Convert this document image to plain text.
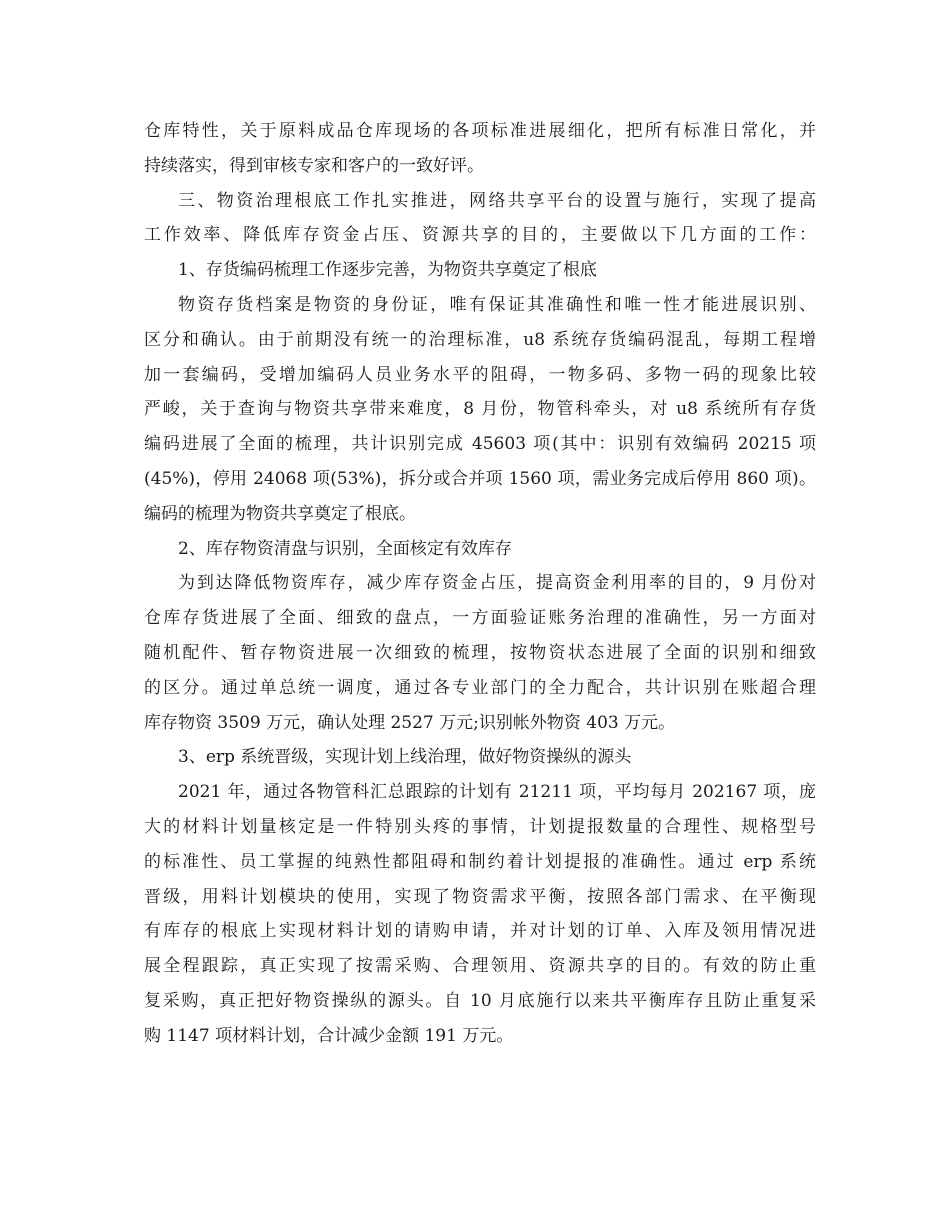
仓库特性，关于原料成品仓库现场的各项标准进展细化，把所有标准日常化，并
持续落实，得到审核专家和客户的一致好评。
三、物资治理根底工作扎实推进，网络共享平台的设置与施行，实现了提高
工作效率、降低库存资金占压、资源共享的目的，主要做以下几方面的工作：
1、存货编码梳理工作逐步完善，为物资共享奠定了根底
物资存货档案是物资的身份证，唯有保证其准确性和唯一性才能进展识别、
区分和确认。由于前期没有统一的治理标准，u8 系统存货编码混乱，每期工程增
加一套编码，受增加编码人员业务水平的阻碍，一物多码、多物一码的现象比较
严峻，关于查询与物资共享带来难度，8 月份，物管科牵头，对 u8 系统所有存货
编码进展了全面的梳理，共计识别完成 45603 项(其中：识别有效编码 20215 项
(45%)，停用 24068 项(53%)，拆分或合并项 1560 项，需业务完成后停用 860 项)。
编码的梳理为物资共享奠定了根底。
2、库存物资清盘与识别，全面核定有效库存
为到达降低物资库存，减少库存资金占压，提高资金利用率的目的，9 月份对
仓库存货进展了全面、细致的盘点，一方面验证账务治理的准确性，另一方面对
随机配件、暂存物资进展一次细致的梳理，按物资状态进展了全面的识别和细致
的区分。通过单总统一调度，通过各专业部门的全力配合，共计识别在账超合理
库存物资 3509 万元，确认处理 2527 万元;识别帐外物资 403 万元。
3、erp 系统晋级，实现计划上线治理，做好物资操纵的源头
2021 年，通过各物管科汇总跟踪的计划有 21211 项，平均每月 202167 项，庞
大的材料计划量核定是一件特别头疼的事情，计划提报数量的合理性、规格型号
的标准性、员工掌握的纯熟性都阻碍和制约着计划提报的准确性。通过 erp 系统
晋级，用料计划模块的使用，实现了物资需求平衡，按照各部门需求、在平衡现
有库存的根底上实现材料计划的请购申请，并对计划的订单、入库及领用情况进
展全程跟踪，真正实现了按需采购、合理领用、资源共享的目的。有效的防止重
复采购，真正把好物资操纵的源头。自 10 月底施行以来共平衡库存且防止重复采
购 1147 项材料计划，合计减少金额 191 万元。
